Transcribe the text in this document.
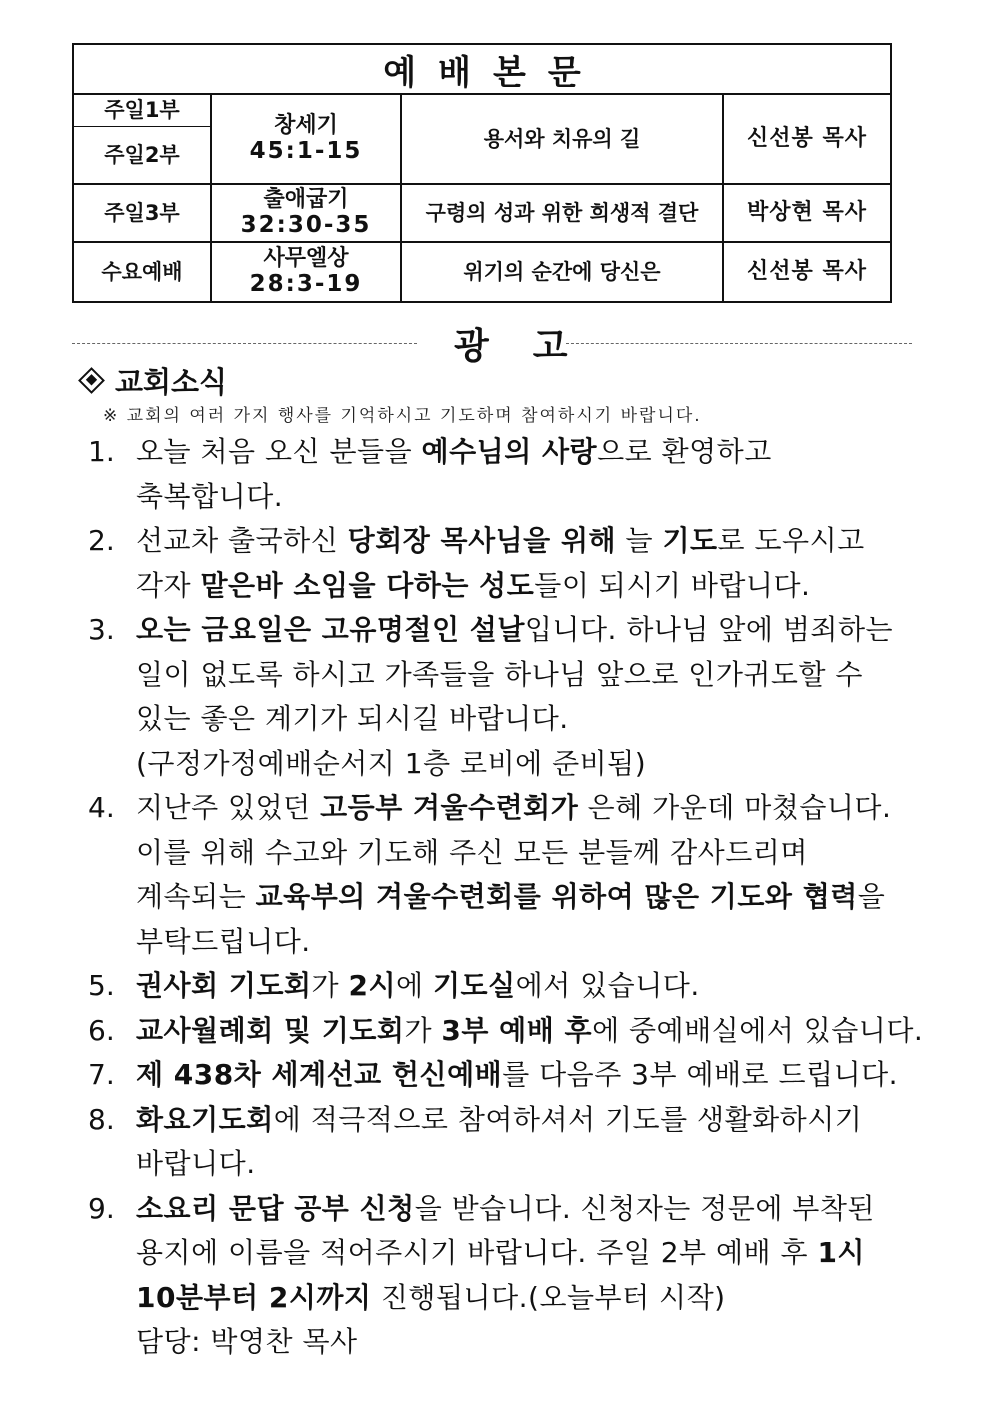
예배본문
주일1부
주일2부
주일3부
수요예배
창세기
45:1-15
출애굽기
32:30-35
사무엘상
28:3-19
용서와 치유의 길
구령의 성과 위한 희생적 결단
위기의 순간에 당신은
신선봉 목사
박상현 목사
신선봉 목사
광고
교회소식
※ 교회의 여러 가지 행사를 기억하시고 기도하며 참여하시기 바랍니다.
1. 오늘 처음 오신 분들을 예수님의 사랑으로 환영하고
축복합니다.
2. 선교차 출국하신 당회장 목사님을 위해 늘 기도로 도우시고
각자 맡은바 소임을 다하는 성도들이 되시기 바랍니다.
3. 오는 금요일은 고유명절인 설날입니다. 하나님 앞에 범죄하는
일이 없도록 하시고 가족들을 하나님 앞으로 인가귀도할 수
있는 좋은 계기가 되시길 바랍니다.
(구정가정예배순서지 1층 로비에 준비됨)
4. 지난주 있었던 고등부 겨울수련회가 은혜 가운데 마쳤습니다.
이를 위해 수고와 기도해 주신 모든 분들께 감사드리며
계속되는 교육부의 겨울수련회를 위하여 많은 기도와 협력을
부탁드립니다.
5. 권사회 기도회가 2시에 기도실에서 있습니다.
6. 교사월례회 및 기도회가 3부 예배 후에 중예배실에서 있습니다.
7. 제 438차 세계선교 헌신예배를 다음주 3부 예배로 드립니다.
8. 화요기도회에 적극적으로 참여하셔서 기도를 생활화하시기
바랍니다.
9. 소요리 문답 공부 신청을 받습니다. 신청자는 정문에 부착된
용지에 이름을 적어주시기 바랍니다. 주일 2부 예배 후 1시
10분부터 2시까지 진행됩니다.(오늘부터 시작)
담당: 박영찬 목사
